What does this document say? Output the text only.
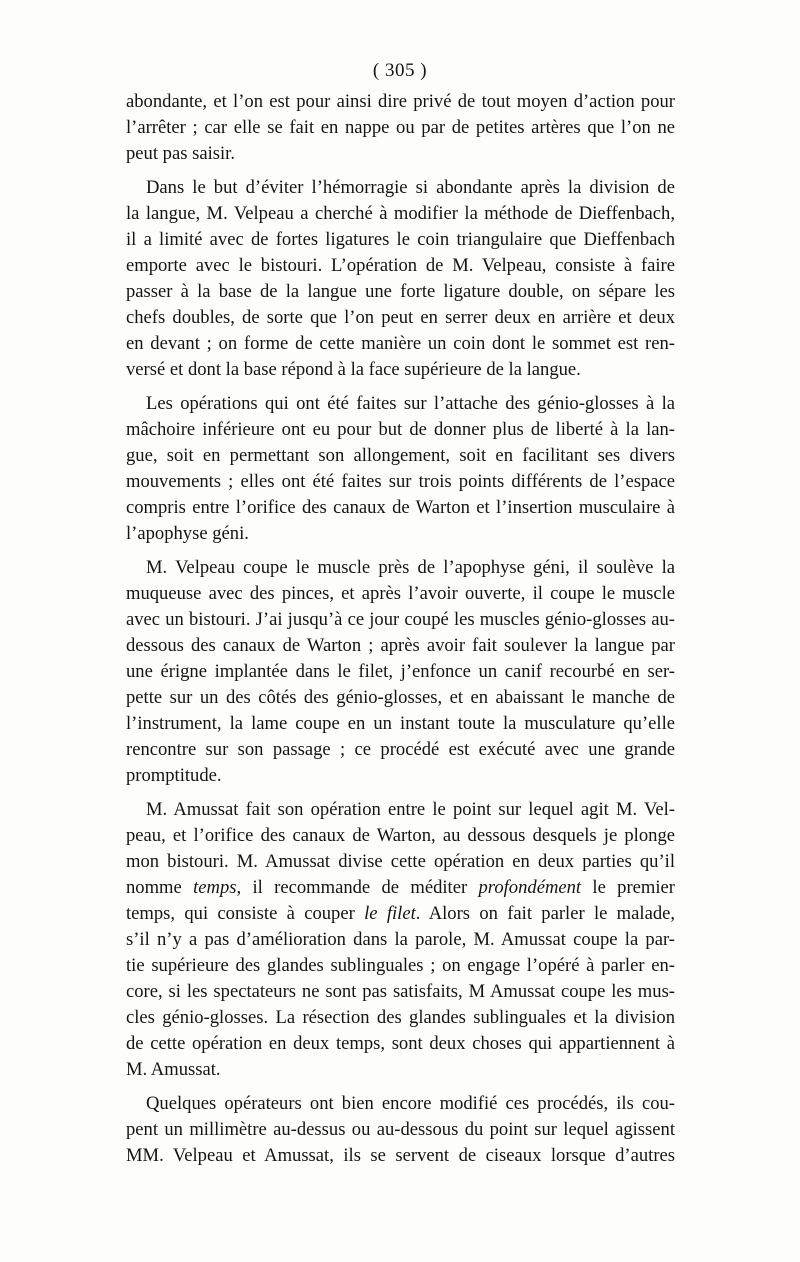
( 305 )
abondante, et l’on est pour ainsi dire privé de tout moyen d’action pour
l’arrêter ; car elle se fait en nappe ou par de petites artères que l’on ne
peut pas saisir.
Dans le but d’éviter l’hémorragie si abondante après la division de
la langue, M. Velpeau a cherché à modifier la méthode de Dieffenbach,
il a limité avec de fortes ligatures le coin triangulaire que Dieffenbach
emporte avec le bistouri. L’opération de M. Velpeau, consiste à faire
passer à la base de la langue une forte ligature double, on sépare les
chefs doubles, de sorte que l’on peut en serrer deux en arrière et deux
en devant ; on forme de cette manière un coin dont le sommet est ren-
versé et dont la base répond à la face supérieure de la langue.
Les opérations qui ont été faites sur l’attache des génio-glosses à la
mâchoire inférieure ont eu pour but de donner plus de liberté à la lan-
gue, soit en permettant son allongement, soit en facilitant ses divers
mouvements ; elles ont été faites sur trois points différents de l’espace
compris entre l’orifice des canaux de Warton et l’insertion musculaire à
l’apophyse géni.
M. Velpeau coupe le muscle près de l’apophyse géni, il soulève la
muqueuse avec des pinces, et après l’avoir ouverte, il coupe le muscle
avec un bistouri. J’ai jusqu’à ce jour coupé les muscles génio-glosses au-
dessous des canaux de Warton ; après avoir fait soulever la langue par
une érigne implantée dans le filet, j’enfonce un canif recourbé en ser-
pette sur un des côtés des génio-glosses, et en abaissant le manche de
l’instrument, la lame coupe en un instant toute la musculature qu’elle
rencontre sur son passage ; ce procédé est exécuté avec une grande
promptitude.
M. Amussat fait son opération entre le point sur lequel agit M. Vel-
peau, et l’orifice des canaux de Warton, au dessous desquels je plonge
mon bistouri. M. Amussat divise cette opération en deux parties qu’il
nomme temps, il recommande de méditer profondément le premier
temps, qui consiste à couper le filet. Alors on fait parler le malade,
s’il n’y a pas d’amélioration dans la parole, M. Amussat coupe la par-
tie supérieure des glandes sublinguales ; on engage l’opéré à parler en-
core, si les spectateurs ne sont pas satisfaits, M Amussat coupe les mus-
cles génio-glosses. La résection des glandes sublinguales et la division
de cette opération en deux temps, sont deux choses qui appartiennent à
M. Amussat.
Quelques opérateurs ont bien encore modifié ces procédés, ils cou-
pent un millimètre au-dessus ou au-dessous du point sur lequel agissent
MM. Velpeau et Amussat, ils se servent de ciseaux lorsque d’autres
